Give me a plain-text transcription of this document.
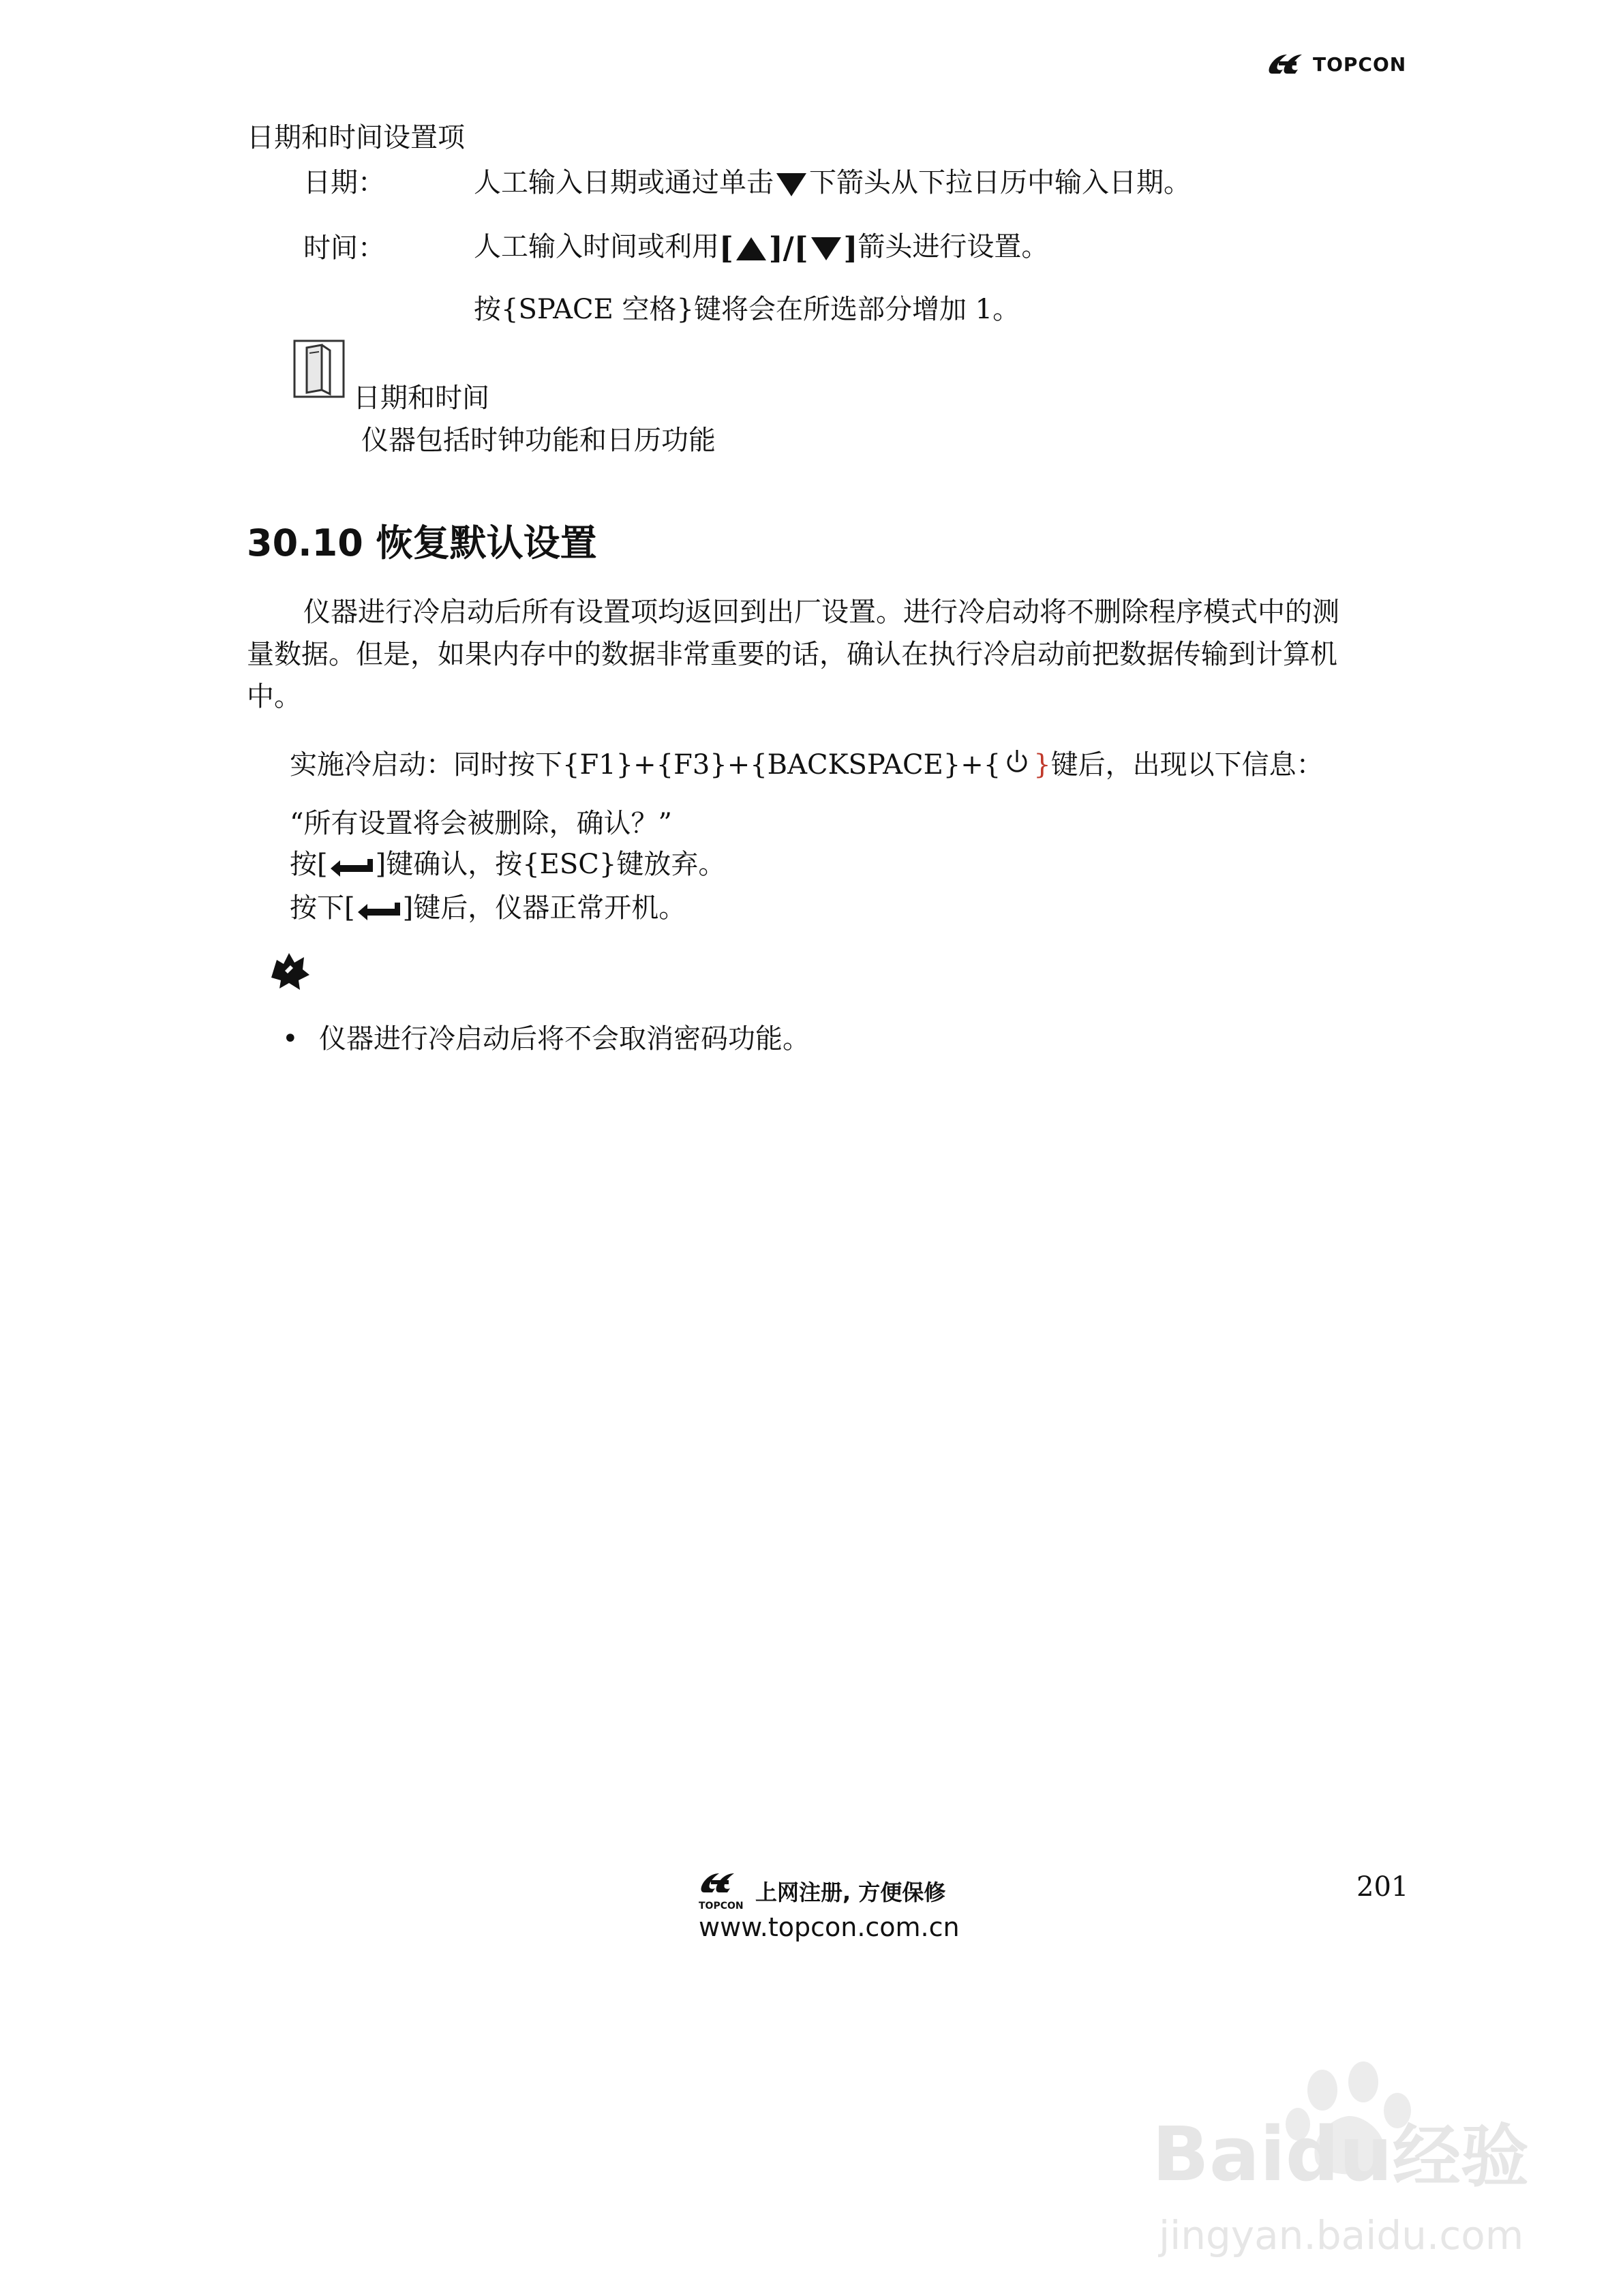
TOPCON
日期和时间设置项
日期：	人工输入日期或通过单击 下箭头从下拉日历中输入日期。
时间：	人工输入时间或利用[ ]/[ ]箭头进行设置。
按{SPACE 空格}键将会在所选部分增加 1。
日期和时间
仪器包括时钟功能和日历功能
30.10 恢复默认设置
仪器进行冷启动后所有设置项均返回到出厂设置。进行冷启动将不删除程序模式中的测
量数据。但是，如果内存中的数据非常重要的话，确认在执行冷启动前把数据传输到计算机
中。
实施冷启动：同时按下{F1}+{F3}+{BACKSPACE}+{ }键后，出现以下信息：
“所有设置将会被删除，确认？”
按[ ]键确认，按{ESC}键放弃。
按下[ ]键后，仪器正常开机。
• 仪器进行冷启动后将不会取消密码功能。
201
TOPCON
上网注册, 方便保修
www.topcon.com.cn
Baidu经验
jingyan.baidu.com
